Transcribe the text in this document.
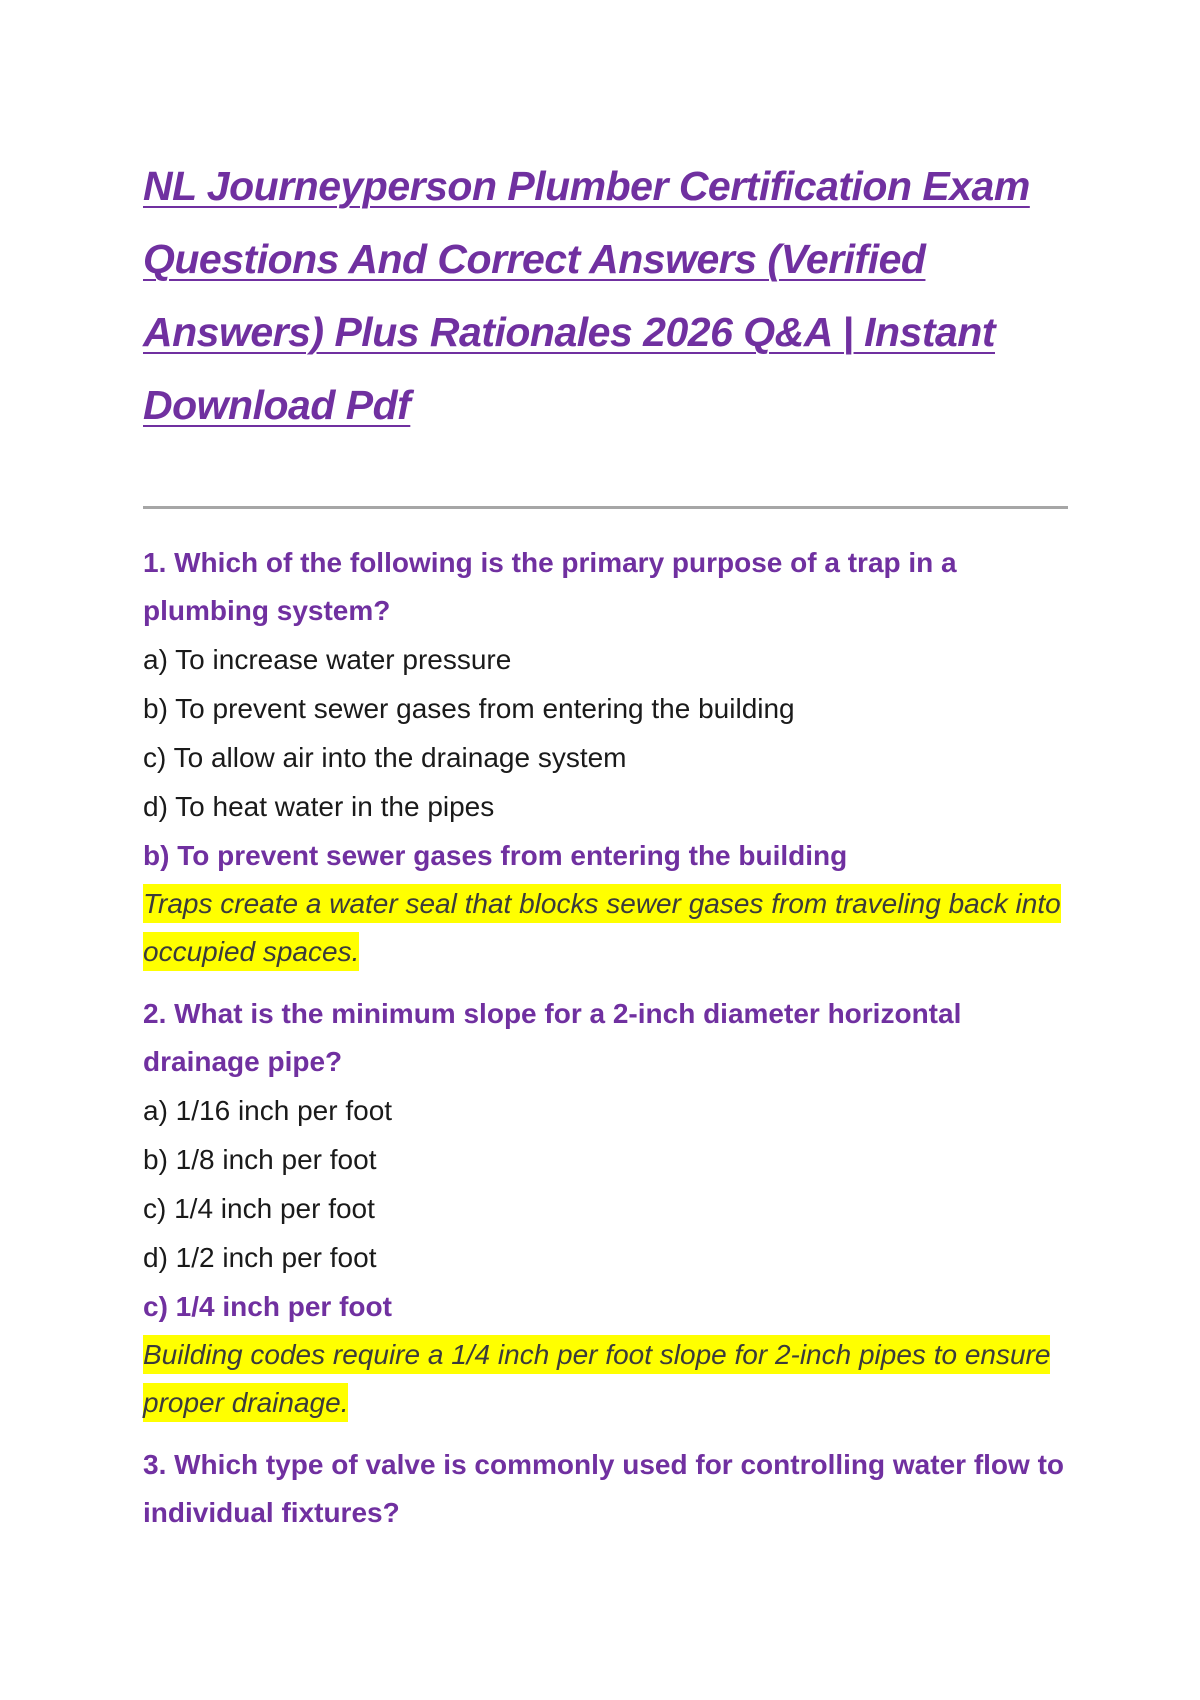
NL Journeyperson Plumber Certification Exam Questions And Correct Answers (Verified Answers) Plus Rationales 2026 Q&A | Instant Download Pdf

1. Which of the following is the primary purpose of a trap in a plumbing system?

a) To increase water pressure
b) To prevent sewer gases from entering the building
c) To allow air into the drainage system
d) To heat water in the pipes

b) To prevent sewer gases from entering the building

Traps create a water seal that blocks sewer gases from traveling back into occupied spaces.

2. What is the minimum slope for a 2-inch diameter horizontal drainage pipe?

a) 1/16 inch per foot
b) 1/8 inch per foot
c) 1/4 inch per foot
d) 1/2 inch per foot

c) 1/4 inch per foot

Building codes require a 1/4 inch per foot slope for 2-inch pipes to ensure proper drainage.

3. Which type of valve is commonly used for controlling water flow to individual fixtures?
